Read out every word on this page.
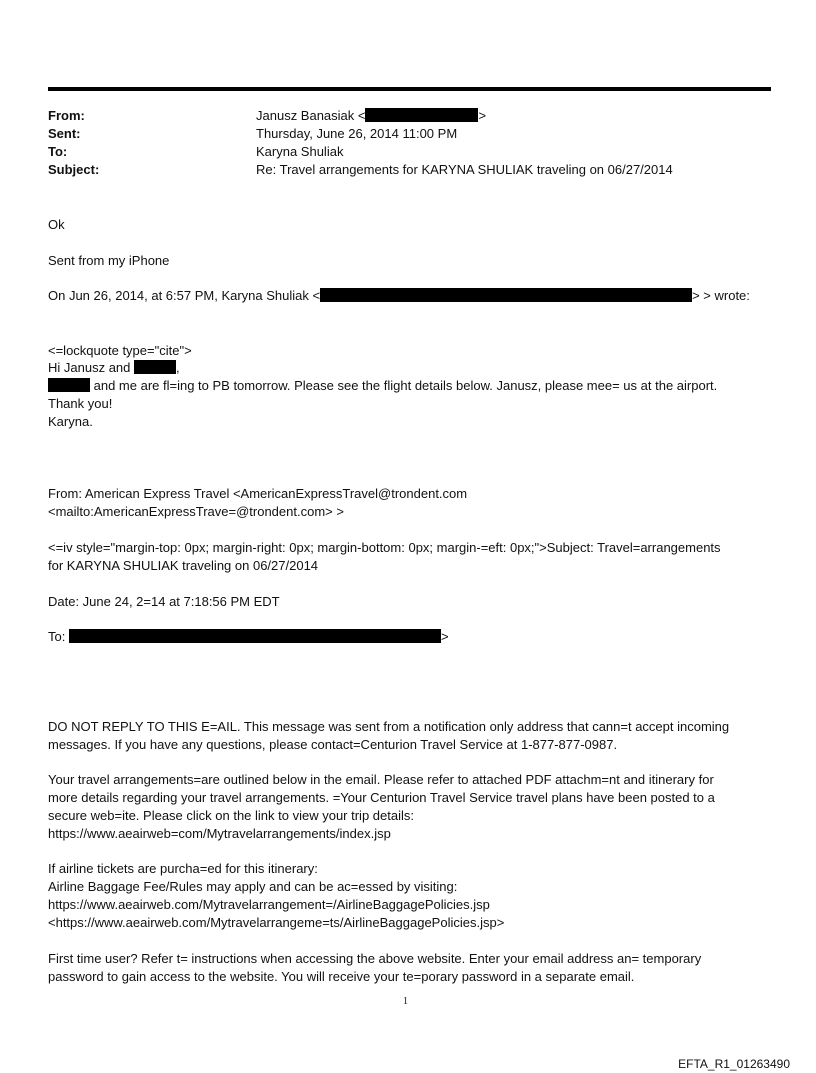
From:	Janusz Banasiak <	>
Sent:	Thursday, June 26, 2014 11:00 PM
To:	Karyna Shuliak
Subject:	Re: Travel arrangements for KARYNA SHULIAK traveling on 06/27/2014
Ok
Sent from my iPhone
On Jun 26, 2014, at 6:57 PM, Karyna Shuliak <	> > wrote:
<=lockquote type="cite">
Hi Janusz and	,
and me are fl=ing to PB tomorrow. Please see the flight details below. Janusz, please mee= us at the airport.
Thank you!
Karyna.
From: American Express Travel <AmericanExpressTravel@trondent.com
<mailto:AmericanExpressTrave=@trondent.com> >
<=iv style="margin-top: 0px; margin-right: 0px; margin-bottom: 0px; margin-=eft: 0px;">Subject: Travel=arrangements
for KARYNA SHULIAK traveling on 06/27/2014
Date: June 24, 2=14 at 7:18:56 PM EDT
To:	>
DO NOT REPLY TO THIS E=AIL. This message was sent from a notification only address that cann=t accept incoming
messages. If you have any questions, please contact=Centurion Travel Service at 1-877-877-0987.
Your travel arrangements=are outlined below in the email. Please refer to attached PDF attachm=nt and itinerary for
more details regarding your travel arrangements. =Your Centurion Travel Service travel plans have been posted to a
secure web=ite. Please click on the link to view your trip details:
https://www.aeairweb=com/Mytravelarrangements/index.jsp
If airline tickets are purcha=ed for this itinerary:
Airline Baggage Fee/Rules may apply and can be ac=essed by visiting:
https://www.aeairweb.com/Mytravelarrangement=/AirlineBaggagePolicies.jsp
<https://www.aeairweb.com/Mytravelarrangeme=ts/AirlineBaggagePolicies.jsp>
First time user? Refer t= instructions when accessing the above website. Enter your email address an= temporary
password to gain access to the website. You will receive your te=porary password in a separate email.
1
EFTA_R1_01263490
